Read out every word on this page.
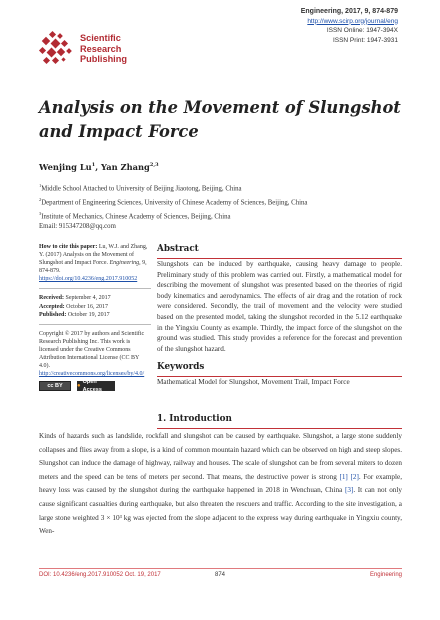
Scientific
Research
Publishing
Engineering, 2017, 9, 874-879
http://www.scirp.org/journal/eng
ISSN Online: 1947-394X
ISSN Print: 1947-3931
Analysis on the Movement of Slungshot and Impact Force
Wenjing Lu$^1$, Yan Zhang$^{2,3}$
$^1$Middle School Attached to University of Beijing Jiaotong, Beijing, China
$^2$Department of Engineering Sciences, University of Chinese Academy of Sciences, Beijing, China
$^3$Institute of Mechanics, Chinese Academy of Sciences, Beijing, China
Email: 915347208@qq.com
How to cite this paper: Lu, W.J. and Zhang, Y. (2017) Analysis on the Movement of Slungshot and Impact Force. Engineering, 9, 874-879.
https://doi.org/10.4236/eng.2017.910052
Received: September 4, 2017
Accepted: October 16, 2017
Published: October 19, 2017
Copyright © 2017 by authors and Scientific Research Publishing Inc. This work is licensed under the Creative Commons Attribution International License (CC BY 4.0).
http://creativecommons.org/licenses/by/4.0/
cc BY	●
Open Access
Abstract

Slungshots can be induced by earthquake, causing heavy damage to people. Preliminary study of this problem was carried out. Firstly, a mathematical model for describing the movement of slungshot was presented based on the theories of rigid body kinematics and aerodynamics. The effects of air drag and the rotation of rock were considered. Secondly, the trail of movement and the velocity were studied based on the presented model, taking the slungshot recorded in the 5.12 earthquake in the Yingxiu County as example. Thirdly, the impact force of the slungshot on the ground was studied. This study provides a reference for the forecast and prevention of the slungshot hazard.

Keywords

Mathematical Model for Slungshot, Movement Trail, Impact Force

1. Introduction

Kinds of hazards such as landslide, rockfall and slungshot can be caused by earthquake. Slungshot, a large stone suddenly collapses and flies away from a slope, is a kind of common mountain hazard which can be observed on high and steep slopes. Slungshot can induce the damage of highway, railway and houses. The scale of slungshot can be from several miters to dozen meters and the speed can be tens of meters per second. That means, the destructive power is strong [1] [2]. For example, heavy loss was caused by the slungshot during the earthquake happened in 2018 in Wenchuan, China [3]. It can not only cause significant casualties during earthquake, but also threaten the rescuers and traffic. According to the site investigation, a large stone weighted 3 × 10³ kg was ejected from the slope adjacent to the express way during earthquake in Yingxiu county, Wen-

DOI: 10.4236/eng.2017.910052 Oct. 19, 2017	874	Engineering
